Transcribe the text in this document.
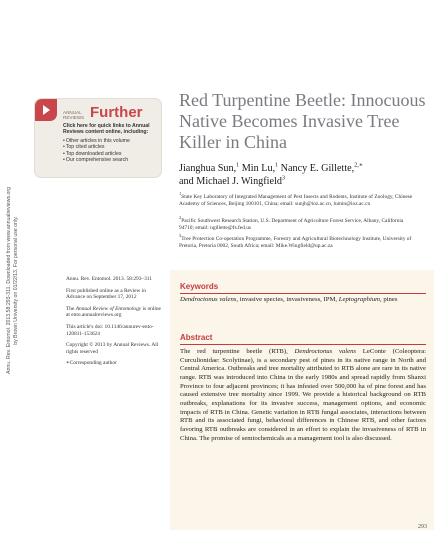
Annu. Rev. Entomol. 2013.58:293-311. Downloaded from www.annualreviews.org by Brown University on 01/22/13. For personal use only.
ANNUAL REVIEWS Further
Click here for quick links to Annual Reviews content online, including:
• Other articles in this volume
• Top cited articles
• Top downloaded articles
• Our comprehensive search
Red Turpentine Beetle: Innocuous Native Becomes Invasive Tree Killer in China
Jianghua Sun,$^1$ Min Lu,$^1$ Nancy E. Gillette,$^{2,∗}$
and Michael J. Wingfield$^3$
$^1$State Key Laboratory of Integrated Management of Pest Insects and Rodents, Institute of Zoology, Chinese Academy of Sciences, Beijing 100101, China; email: sunjh@ioz.ac.cn, lumin@ioz.ac.cn
$^2$Pacific Southwest Research Station, U.S. Department of Agriculture Forest Service, Albany, California 94710; email: ngillette@fs.fed.us
$^3$Tree Protection Co-operation Programme, Forestry and Agricultural Biotechnology Institute, University of Pretoria, Pretoria 0002, South Africa; email: Mike.Wingfield@up.ac.za

Annu. Rev. Entomol. 2013. 58:293–311

First published online as a Review in Advance on September 17, 2012

The Annual Review of Entomology is online at ento.annualreviews.org

This article's doi: 10.1146/annurev-ento-120811-153624

Copyright © 2013 by Annual Reviews. All rights reserved

∗Corresponding author

Keywords
Dendroctonus valens, invasive species, invasiveness, IPM, Leptographium, pines
Abstract
The red turpentine beetle (RTB), Dendroctonus valens LeConte (Coleoptera: Curculionidae: Scolytinae), is a secondary pest of pines in its native range in North and Central America. Outbreaks and tree mortality attributed to RTB alone are rare in its native range. RTB was introduced into China in the early 1980s and spread rapidly from Shanxi Province to four adjacent provinces; it has infested over 500,000 ha of pine forest and has caused extensive tree mortality since 1999. We provide a historical background on RTB outbreaks, explanations for its invasive success, management options, and economic impacts of RTB in China. Genetic variation in RTB fungal associates, interactions between RTB and its associated fungi, behavioral differences in Chinese RTB, and other factors favoring RTB outbreaks are considered in an effort to explain the invasiveness of RTB in China. The promise of semiochemicals as a management tool is also discussed.
293
